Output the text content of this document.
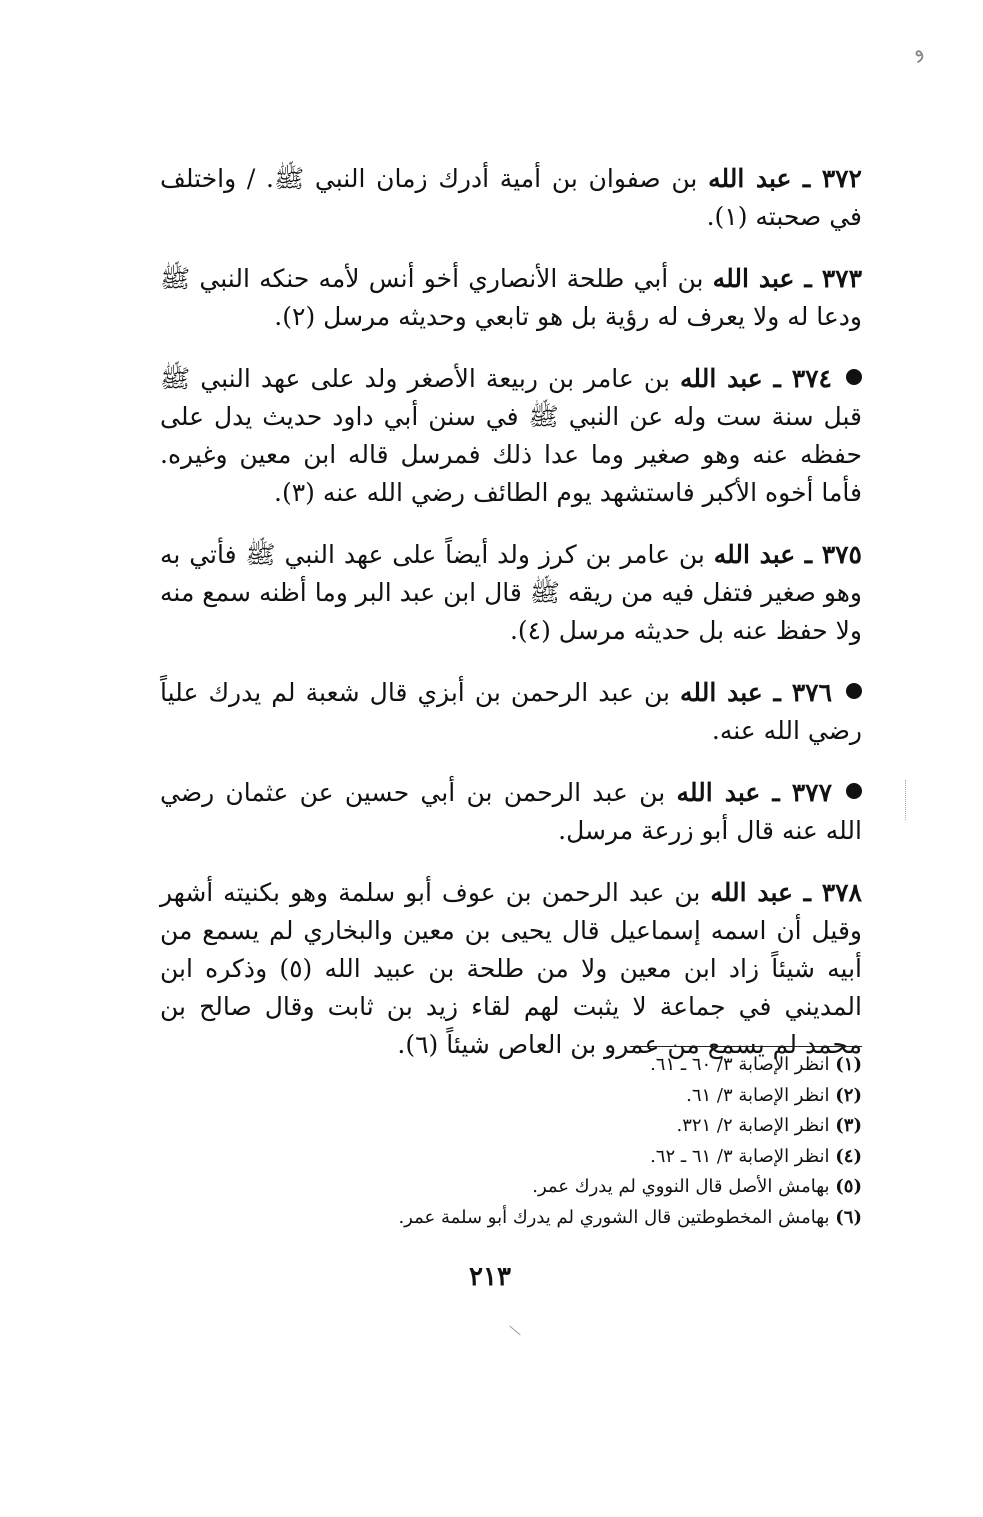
ﻭ

٣٧٢ ـ عبد الله بن صفوان بن أمية أدرك زمان النبي ﷺ. / واختلف في صحبته (١).

٣٧٣ ـ عبد الله بن أبي طلحة الأنصاري أخو أنس لأمه حنكه النبي ﷺ ودعا له ولا يعرف له رؤية بل هو تابعي وحديثه مرسل (٢).

٣٧٤ ـ عبد الله بن عامر بن ربيعة الأصغر ولد على عهد النبي ﷺ قبل سنة ست وله عن النبي ﷺ في سنن أبي داود حديث يدل على حفظه عنه وهو صغير وما عدا ذلك فمرسل قاله ابن معين وغيره. فأما أخوه الأكبر فاستشهد يوم الطائف رضي الله عنه (٣).

٣٧٥ ـ عبد الله بن عامر بن كرز ولد أيضاً على عهد النبي ﷺ فأتي به وهو صغير فتفل فيه من ريقه ﷺ قال ابن عبد البر وما أظنه سمع منه ولا حفظ عنه بل حديثه مرسل (٤).

٣٧٦ ـ عبد الله بن عبد الرحمن بن أبزي قال شعبة لم يدرك علياً رضي الله عنه.

٣٧٧ ـ عبد الله بن عبد الرحمن بن أبي حسين عن عثمان رضي الله عنه قال أبو زرعة مرسل.

٣٧٨ ـ عبد الله بن عبد الرحمن بن عوف أبو سلمة وهو بكنيته أشهر وقيل أن اسمه إسماعيل قال يحيى بن معين والبخاري لم يسمع من أبيه شيئاً زاد ابن معين ولا من طلحة بن عبيد الله (٥) وذكره ابن المديني في جماعة لا يثبت لهم لقاء زيد بن ثابت وقال صالح بن محمد لم يسمع من عمرو بن العاص شيئاً (٦).

(١) انظر الإصابة ٣/ ٦٠ ـ ٦١.
(٢) انظر الإصابة ٣/ ٦١.
(٣) انظر الإصابة ٢/ ٣٢١.
(٤) انظر الإصابة ٣/ ٦١ ـ ٦٢.
(٥) بهامش الأصل قال النووي لم يدرك عمر.
(٦) بهامش المخطوطتين قال الشوري لم يدرك أبو سلمة عمر.
٢١٣
